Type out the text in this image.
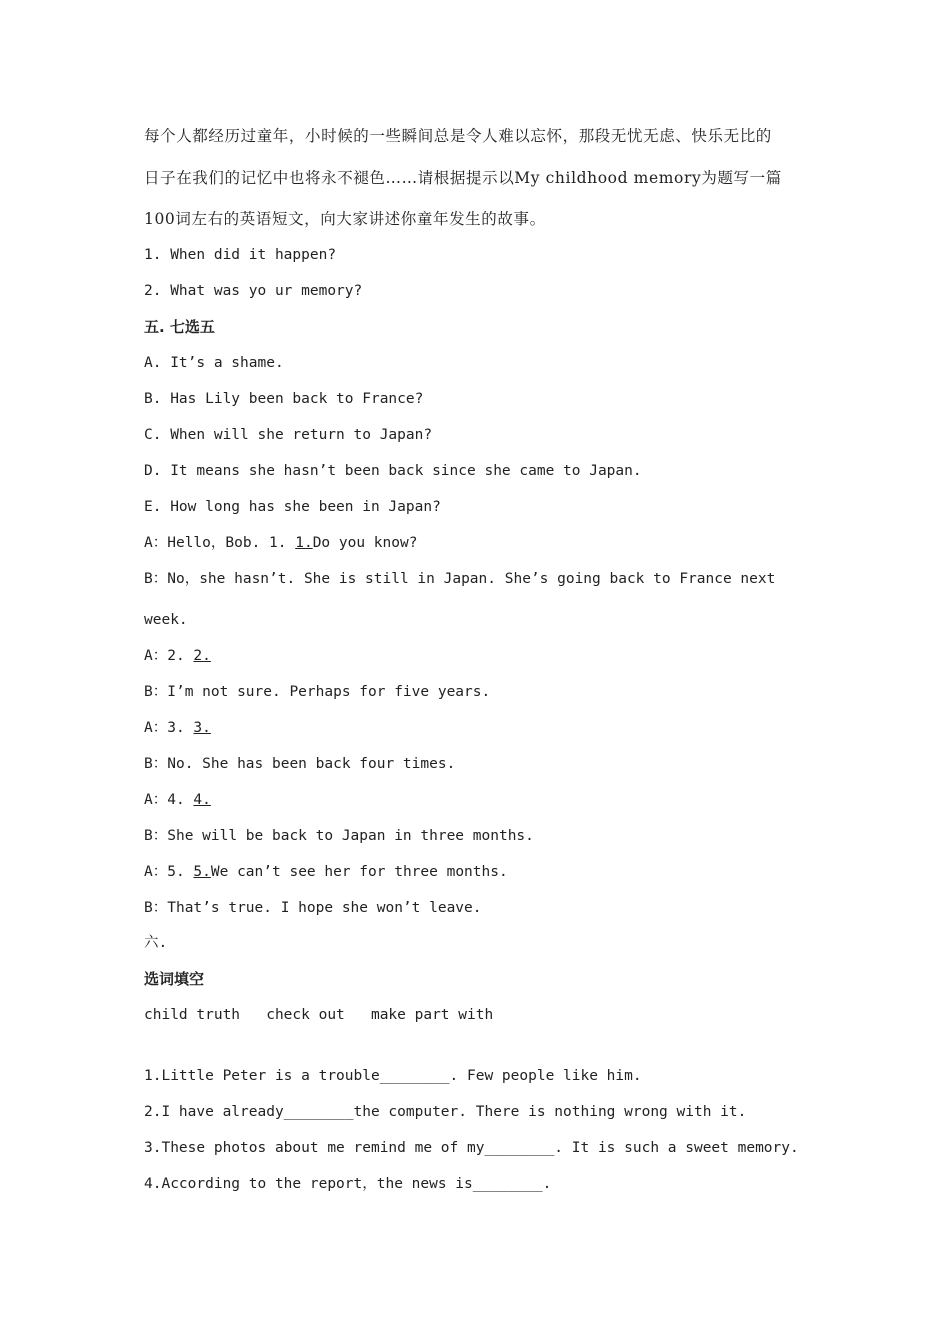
每个人都经历过童年，小时候的一些瞬间总是令人难以忘怀，那段无忧无虑、快乐无比的
日子在我们的记忆中也将永不褪色……请根据提示以My childhood memory为题写一篇
100词左右的英语短文，向大家讲述你童年发生的故事。
1. When did it happen?
2. What was yo ur memory?
五. 七选五
A. It’s a shame.
B. Has Lily been back to France?
C. When will she return to Japan?
D. It means she hasn’t been back since she came to Japan.
E. How long has she been in Japan?
A：Hello，Bob. 1. 1.Do you know?
B：No，she hasn’t. She is still in Japan. She’s going back to France next
week.
A：2. 2.
B：I’m not sure. Perhaps for five years.
A：3. 3.
B：No. She has been back four times.
A：4. 4.
B：She will be back to Japan in three months.
A：5. 5.We can’t see her for three months.
B：That’s true. I hope she won’t leave.
六.
选词填空
child truth   check out   make part with
1.Little Peter is a trouble________. Few people like him.
2.I have already________the computer. There is nothing wrong with it.
3.These photos about me remind me of my________. It is such a sweet memory.
4.According to the report，the news is________.
